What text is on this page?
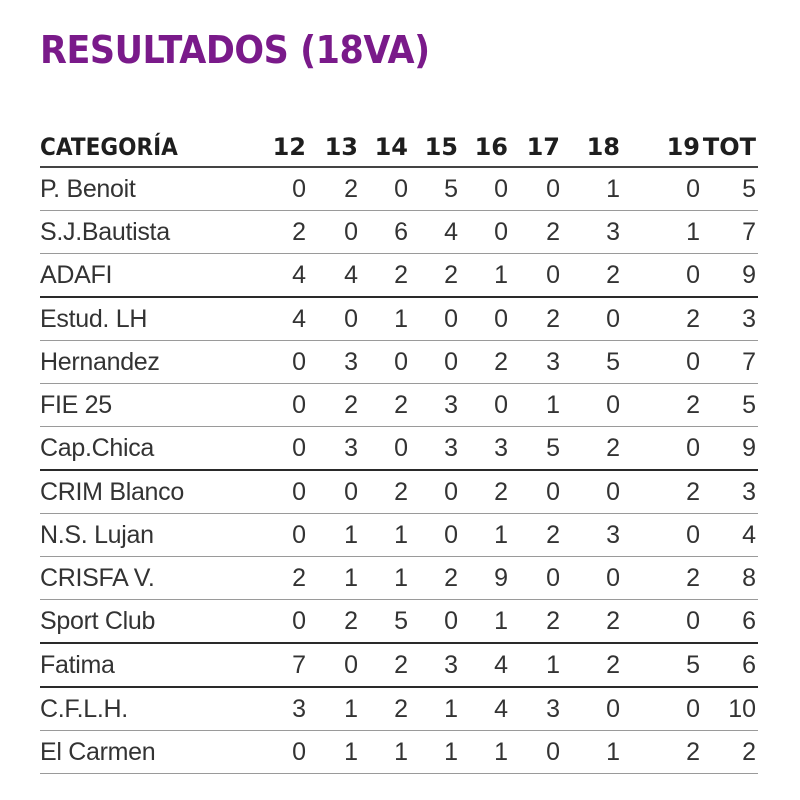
RESULTADOS (18VA)
CATEGORÍA	12	13	14	15	16	17	18	19	TOT
P. Benoit	0	2	0	5	0	0	1	0	5
S.J.Bautista	2	0	6	4	0	2	3	1	7
ADAFI	4	4	2	2	1	0	2	0	9
Estud. LH	4	0	1	0	0	2	0	2	3
Hernandez	0	3	0	0	2	3	5	0	7
FIE 25	0	2	2	3	0	1	0	2	5
Cap.Chica	0	3	0	3	3	5	2	0	9
CRIM Blanco	0	0	2	0	2	0	0	2	3
N.S. Lujan	0	1	1	0	1	2	3	0	4
CRISFA V.	2	1	1	2	9	0	0	2	8
Sport Club	0	2	5	0	1	2	2	0	6
Fatima	7	0	2	3	4	1	2	5	6
C.F.L.H.	3	1	2	1	4	3	0	0	10
El Carmen	0	1	1	1	1	0	1	2	2
